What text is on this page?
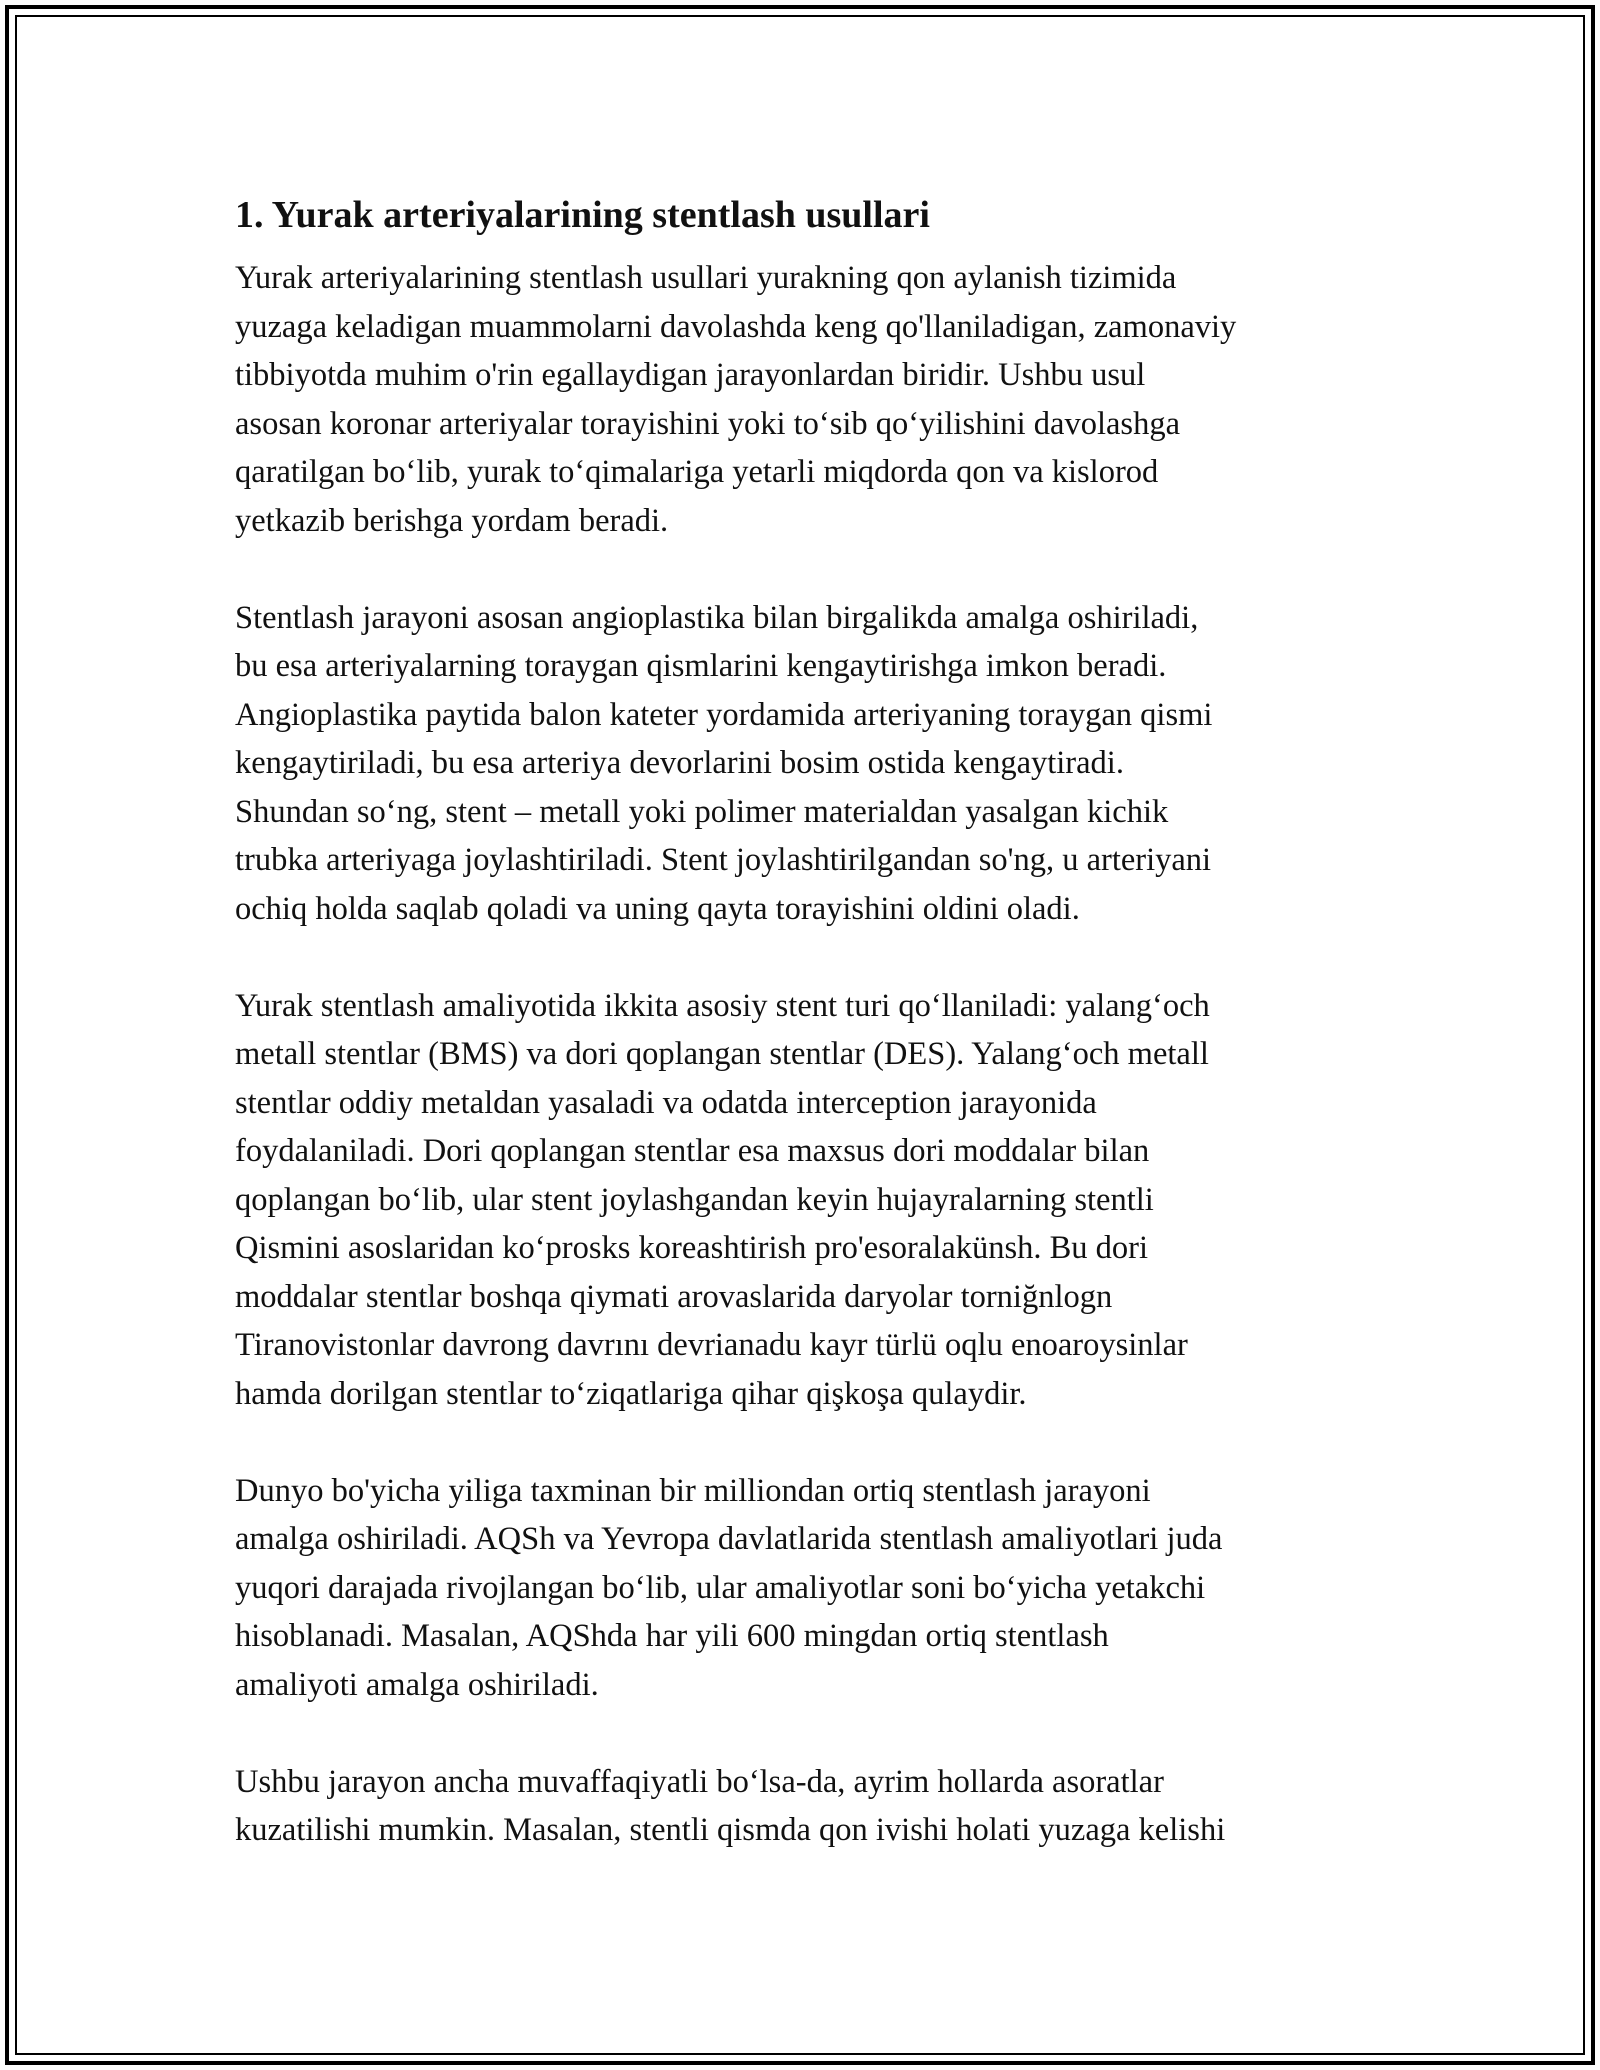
1. Yurak arteriyalarining stentlash usullari

Yurak arteriyalarining stentlash usullari yurakning qon aylanish tizimida
yuzaga keladigan muammolarni davolashda keng qo'llaniladigan, zamonaviy
tibbiyotda muhim o'rin egallaydigan jarayonlardan biridir. Ushbu usul
asosan koronar arteriyalar torayishini yoki to‘sib qo‘yilishini davolashga
qaratilgan bo‘lib, yurak to‘qimalariga yetarli miqdorda qon va kislorod
yetkazib berishga yordam beradi.

Stentlash jarayoni asosan angioplastika bilan birgalikda amalga oshiriladi,
bu esa arteriyalarning toraygan qismlarini kengaytirishga imkon beradi.
Angioplastika paytida balon kateter yordamida arteriyaning toraygan qismi
kengaytiriladi, bu esa arteriya devorlarini bosim ostida kengaytiradi.
Shundan so‘ng, stent – metall yoki polimer materialdan yasalgan kichik
trubka arteriyaga joylashtiriladi. Stent joylashtirilgandan so'ng, u arteriyani
ochiq holda saqlab qoladi va uning qayta torayishini oldini oladi.

Yurak stentlash amaliyotida ikkita asosiy stent turi qo‘llaniladi: yalang‘och
metall stentlar (BMS) va dori qoplangan stentlar (DES). Yalang‘och metall
stentlar oddiy metaldan yasaladi va odatda interception jarayonida
foydalaniladi. Dori qoplangan stentlar esa maxsus dori moddalar bilan
qoplangan bo‘lib, ular stent joylashgandan keyin hujayralarning stentli
Qismini asoslaridan ko‘prosks koreashtirish pro'esoralakünsh. Bu dori
moddalar stentlar boshqa qiymati arovaslarida daryolar torniğnlogn
Tiranovistonlar davrong davrını devrianadu kayr türlü oqlu enoaroysinlar
hamda dorilgan stentlar to‘ziqatlariga qihar qişkoşa qulaydir.

Dunyo bo'yicha yiliga taxminan bir milliondan ortiq stentlash jarayoni
amalga oshiriladi. AQSh va Yevropa davlatlarida stentlash amaliyotlari juda
yuqori darajada rivojlangan bo‘lib, ular amaliyotlar soni bo‘yicha yetakchi
hisoblanadi. Masalan, AQShda har yili 600 mingdan ortiq stentlash
amaliyoti amalga oshiriladi.

Ushbu jarayon ancha muvaffaqiyatli bo‘lsa-da, ayrim hollarda asoratlar
kuzatilishi mumkin. Masalan, stentli qismda qon ivishi holati yuzaga kelishi
